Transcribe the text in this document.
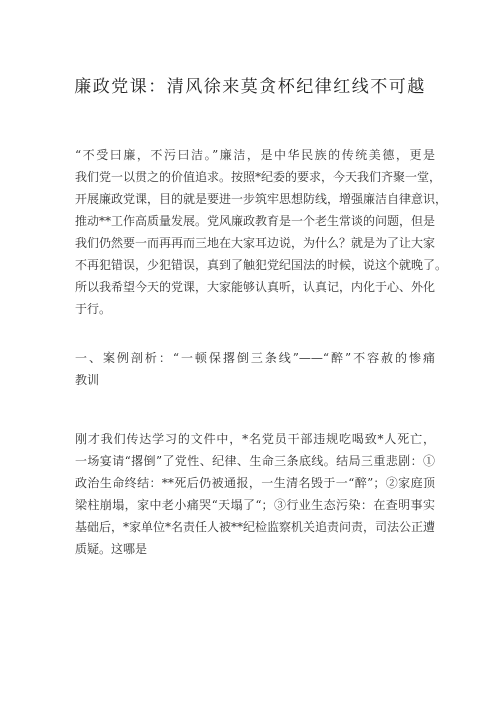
廉政党课：清风徐来莫贪杯纪律红线不可越
“不受曰廉，不污曰洁。”廉洁，是中华民族的传统美德，更是
我们党一以贯之的价值追求。按照*纪委的要求，今天我们齐聚一堂，
开展廉政党课，目的就是要进一步筑牢思想防线，增强廉洁自律意识，
推动**工作高质量发展。党风廉政教育是一个老生常谈的问题，但是
我们仍然要一而再再而三地在大家耳边说，为什么？就是为了让大家
不再犯错误，少犯错误，真到了触犯党纪国法的时候，说这个就晚了。
所以我希望今天的党课，大家能够认真听，认真记，内化于心、外化
于行。
一、案例剖析：“一顿保撂倒三条线”——“醉”不容赦的惨痛
教训
刚才我们传达学习的文件中，*名党员干部违规吃喝致*人死亡，
一场宴请“撂倒”了党性、纪律、生命三条底线。结局三重悲剧：①
政治生命终结：**死后仍被通报，一生清名毁于一“醉”；②家庭顶
梁柱崩塌，家中老小痛哭“天塌了“；③行业生态污染：在查明事实
基础后，*家单位*名责任人被**纪检监察机关追责问责，司法公正遭
质疑。这哪是
